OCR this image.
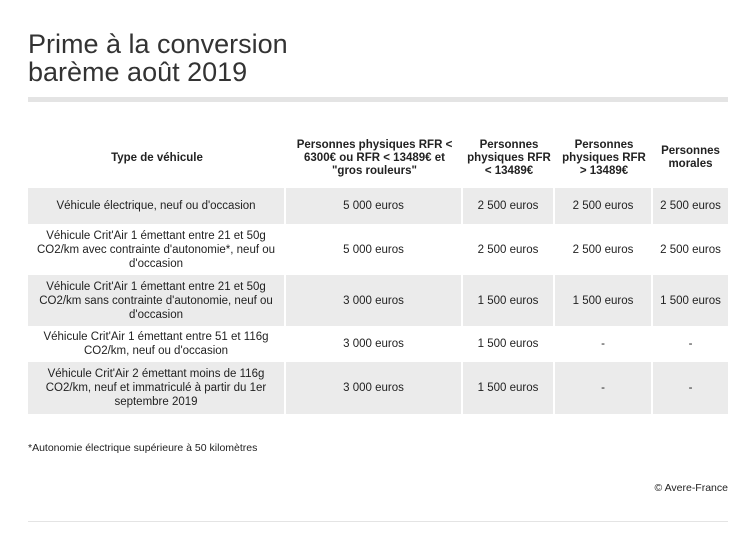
Prime à la conversion
barème août 2019
Type de véhicule	Personnes physiques RFR < 6300€ ou RFR < 13489€ et "gros rouleurs"	Personnes physiques RFR < 13489€	Personnes physiques RFR > 13489€	Personnes morales
Véhicule électrique, neuf ou d'occasion	5 000 euros	2 500 euros	2 500 euros	2 500 euros
Véhicule Crit'Air 1 émettant entre 21 et 50g CO2/km avec contrainte d'autonomie*, neuf ou d'occasion	5 000 euros	2 500 euros	2 500 euros	2 500 euros
Véhicule Crit'Air 1 émettant entre 21 et 50g CO2/km sans contrainte d'autonomie, neuf ou d'occasion	3 000 euros	1 500 euros	1 500 euros	1 500 euros
Véhicule Crit'Air 1 émettant entre 51 et 116g CO2/km, neuf ou d'occasion	3 000 euros	1 500 euros	-	-
Véhicule Crit'Air 2 émettant moins de 116g CO2/km, neuf et immatriculé à partir du 1er septembre 2019	3 000 euros	1 500 euros	-	-
*Autonomie électrique supérieure à 50 kilomètres
© Avere-France
